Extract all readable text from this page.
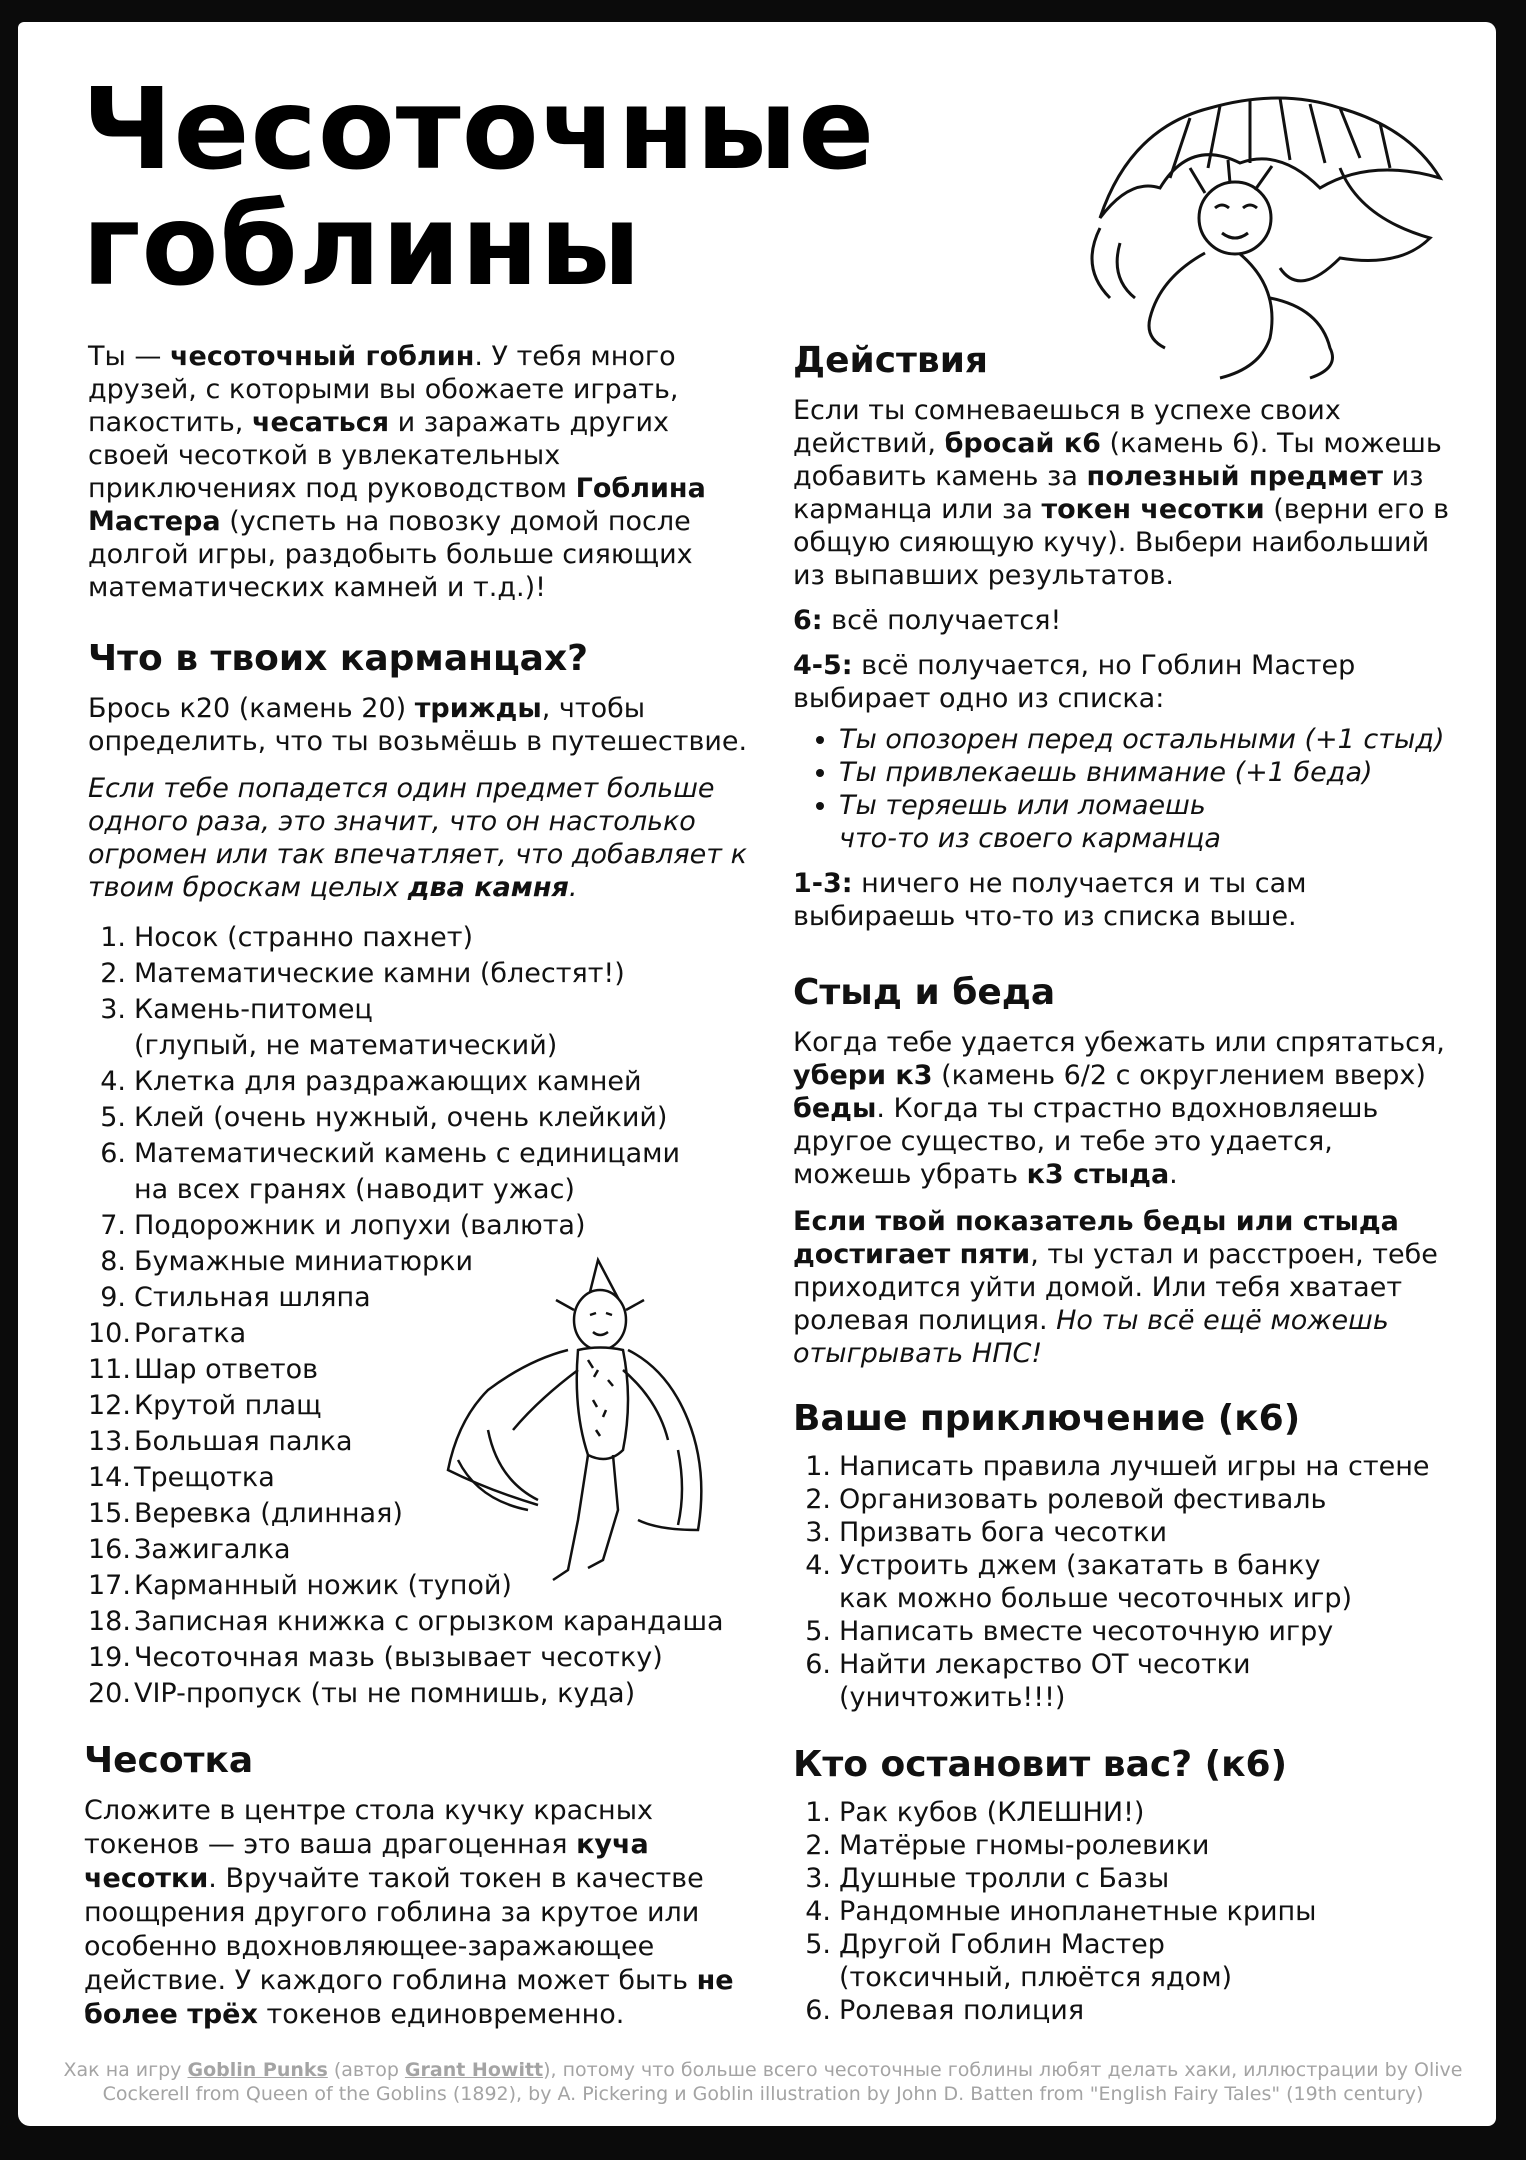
Чесоточные
гоблины

Ты — чесоточный гоблин. У тебя много друзей, с которыми вы обожаете играть, пакостить, чесаться и заражать других своей чесоткой в увлекательных приключениях под руководством Гоблина Мастера (успеть на повозку домой после долгой игры, раздобыть больше сияющих математических камней и т.д.)!

Что в твоих карманцах?

Брось к20 (камень 20) трижды, чтобы определить, что ты возьмёшь в путешествие.

Если тебе попадется один предмет больше одного раза, это значит, что он настолько огромен или так впечатляет, что добавляет к твоим броскам целых два камня.

1. Носок (странно пахнет)
2. Математические камни (блестят!)
3. Камень-питомец
(глупый, не математический)
4. Клетка для раздражающих камней
5. Клей (очень нужный, очень клейкий)
6. Математический камень с единицами
на всех гранях (наводит ужас)
7. Подорожник и лопухи (валюта)
8. Бумажные миниатюрки
9. Стильная шляпа
10. Рогатка
11. Шар ответов
12. Крутой плащ
13. Большая палка
14. Трещотка
15. Веревка (длинная)
16. Зажигалка
17. Карманный ножик (тупой)
18. Записная книжка с огрызком карандаша
19. Чесоточная мазь (вызывает чесотку)
20. VIP-пропуск (ты не помнишь, куда)
Чесотка

Сложите в центре стола кучку красных токенов — это ваша драгоценная куча чесотки. Вручайте такой токен в качестве поощрения другого гоблина за крутое или особенно вдохновляющее-заражающее действие. У каждого гоблина может быть не более трёх токенов единовременно.

Действия

Если ты сомневаешься в успехе своих действий, бросай к6 (камень 6). Ты можешь добавить камень за полезный предмет из карманца или за токен чесотки (верни его в общую сияющую кучу). Выбери наибольший из выпавших результатов.

6: всё получается!

4-5: всё получается, но Гоблин Мастер выбирает одно из списка:

• Ты опозорен перед остальными (+1 стыд)
• Ты привлекаешь внимание (+1 беда)
• Ты теряешь или ломаешь
что-то из своего карманца

1-3: ничего не получается и ты сам выбираешь что-то из списка выше.

Стыд и беда

Когда тебе удается убежать или спрятаться, убери к3 (камень 6/2 с округлением вверх) беды. Когда ты страстно вдохновляешь другое существо, и тебе это удается, можешь убрать к3 стыда.

Если твой показатель беды или стыда достигает пяти, ты устал и расстроен, тебе приходится уйти домой. Или тебя хватает ролевая полиция. Но ты всё ещё можешь отыгрывать НПС!

Ваше приключение (к6)
1. Написать правила лучшей игры на стене
2. Организовать ролевой фестиваль
3. Призвать бога чесотки
4. Устроить джем (закатать в банку
как можно больше чесоточных игр)
5. Написать вместе чесоточную игру
6. Найти лекарство ОТ чесотки
(уничтожить!!!)
Кто остановит вас? (к6)
1. Рак кубов (КЛЕШНИ!)
2. Матёрые гномы-ролевики
3. Душные тролли с Базы
4. Рандомные инопланетные крипы
5. Другой Гоблин Мастер
(токсичный, плюётся ядом)
6. Ролевая полиция
Хак на игру Goblin Punks (автор Grant Howitt), потому что больше всего чесоточные гоблины любят делать хаки, иллюстрации by Olive Cockerell from Queen of the Goblins (1892), by A. Pickering и Goblin illustration by John D. Batten from "English Fairy Tales" (19th century)
